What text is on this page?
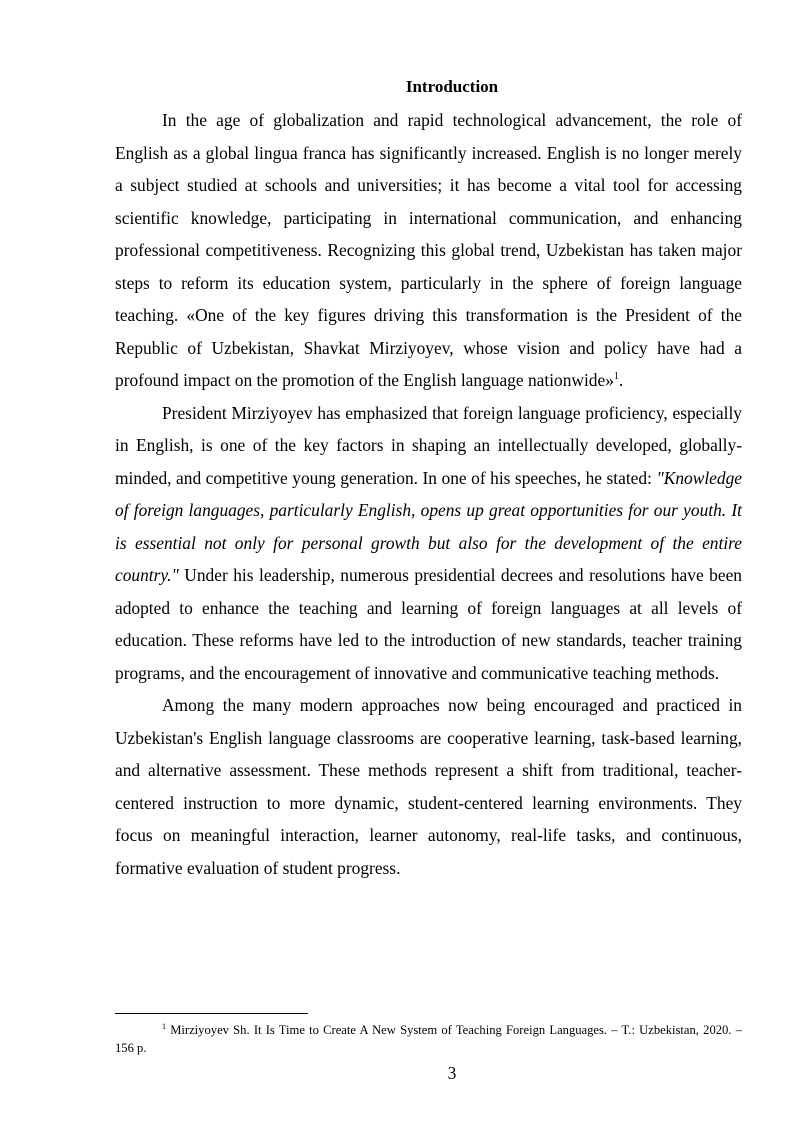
Introduction

In the age of globalization and rapid technological advancement, the role of English as a global lingua franca has significantly increased. English is no longer merely a subject studied at schools and universities; it has become a vital tool for accessing scientific knowledge, participating in international communication, and enhancing professional competitiveness. Recognizing this global trend, Uzbekistan has taken major steps to reform its education system, particularly in the sphere of foreign language teaching. «One of the key figures driving this transformation is the President of the Republic of Uzbekistan, Shavkat Mirziyoyev, whose vision and policy have had a profound impact on the promotion of the English language nationwide»$^1$.

President Mirziyoyev has emphasized that foreign language proficiency, especially in English, is one of the key factors in shaping an intellectually developed, globally-minded, and competitive young generation. In one of his speeches, he stated: "Knowledge of foreign languages, particularly English, opens up great opportunities for our youth. It is essential not only for personal growth but also for the development of the entire country." Under his leadership, numerous presidential decrees and resolutions have been adopted to enhance the teaching and learning of foreign languages at all levels of education. These reforms have led to the introduction of new standards, teacher training programs, and the encouragement of innovative and communicative teaching methods.

Among the many modern approaches now being encouraged and practiced in Uzbekistan's English language classrooms are cooperative learning, task-based learning, and alternative assessment. These methods represent a shift from traditional, teacher-centered instruction to more dynamic, student-centered learning environments. They focus on meaningful interaction, learner autonomy, real-life tasks, and continuous, formative evaluation of student progress.

$^1$ Mirziyoyev Sh. It Is Time to Create A New System of Teaching Foreign Languages. – T.: Uzbekistan, 2020. – 156 p.
3
